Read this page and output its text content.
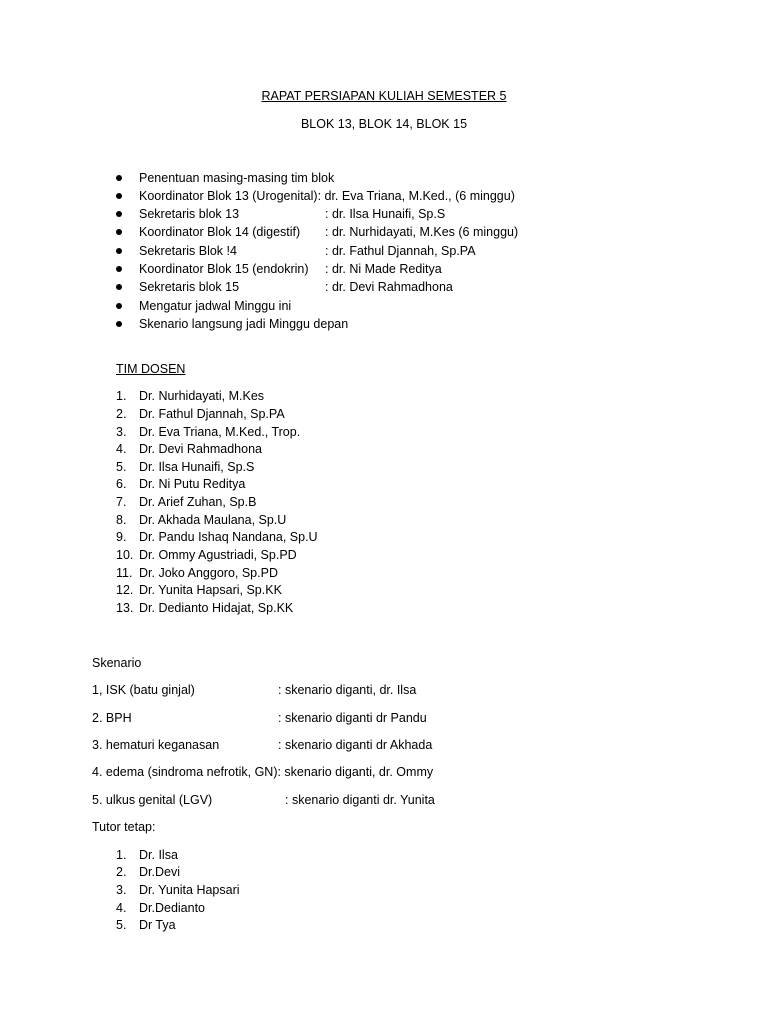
RAPAT PERSIAPAN KULIAH SEMESTER 5
BLOK 13, BLOK 14, BLOK 15
Penentuan masing-masing tim blok
Koordinator Blok 13 (Urogenital): dr. Eva Triana, M.Ked., (6 minggu)
Sekretaris blok 13	: dr. Ilsa Hunaifi, Sp.S
Koordinator Blok 14 (digestif) : dr. Nurhidayati, M.Kes (6 minggu)
Sekretaris Blok !4	: dr. Fathul Djannah, Sp.PA
Koordinator Blok 15 (endokrin) : dr. Ni Made Reditya
Sekretaris blok 15	: dr. Devi Rahmadhona
Mengatur jadwal Minggu ini
Skenario langsung jadi Minggu depan
TIM DOSEN
1.	Dr. Nurhidayati, M.Kes
2.	Dr. Fathul Djannah, Sp.PA
3.	Dr. Eva Triana, M.Ked., Trop.
4.	Dr. Devi Rahmadhona
5.	Dr. Ilsa Hunaifi, Sp.S
6.	Dr. Ni Putu Reditya
7.	Dr. Arief Zuhan, Sp.B
8.	Dr. Akhada Maulana, Sp.U
9.	Dr. Pandu Ishaq Nandana, Sp.U
10. Dr. Ommy Agustriadi, Sp.PD
11. Dr. Joko Anggoro, Sp.PD
12. Dr. Yunita Hapsari, Sp.KK
13. Dr. Dedianto Hidajat, Sp.KK
Skenario
1, ISK (batu ginjal)	: skenario diganti, dr. Ilsa
2. BPH	: skenario diganti dr Pandu
3. hematuri keganasan	: skenario diganti dr Akhada
4. edema (sindroma nefrotik, GN): skenario diganti, dr. Ommy
5. ulkus genital (LGV)	: skenario diganti dr. Yunita
Tutor tetap:
1.	Dr. Ilsa
2.	Dr.Devi
3.	Dr. Yunita Hapsari
4.	Dr.Dedianto
5.	Dr Tya
